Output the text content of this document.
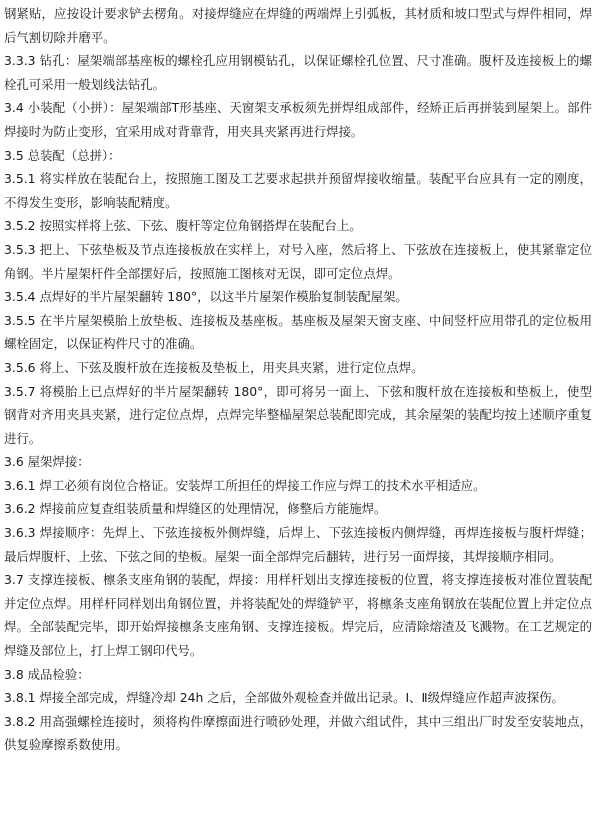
钢紧贴，应按设计要求铲去楞角。对接焊缝应在焊缝的两端焊上引弧板，其材质和坡口型式与焊件相同，焊后气割切除并磨平。

3.3.3 钻孔：屋架端部基座板的螺栓孔应用钢模钻孔，以保证螺栓孔位置、尺寸准确。腹杆及连接板上的螺栓孔可采用一般划线法钻孔。

3.4 小装配（小拼）：屋架端部T形基座、天窗架支承板须先拼焊组成部件，经矫正后再拼装到屋架上。部件焊接时为防止变形，宜采用成对背靠背，用夹具夹紧再进行焊接。

3.5 总装配（总拼）：

3.5.1 将实样放在装配台上，按照施工图及工艺要求起拱并预留焊接收缩量。装配平台应具有一定的刚度，不得发生变形，影响装配精度。

3.5.2 按照实样将上弦、下弦、腹杆等定位角钢搭焊在装配台上。

3.5.3 把上、下弦垫板及节点连接板放在实样上，对号入座，然后将上、下弦放在连接板上，使其紧靠定位角钢。半片屋架杆件全部摆好后，按照施工图核对无误，即可定位点焊。

3.5.4 点焊好的半片屋架翻转 180°，以这半片屋架作模胎复制装配屋架。

3.5.5 在半片屋架模胎上放垫板、连接板及基座板。基座板及屋架天窗支座、中间竖杆应用带孔的定位板用螺栓固定，以保证构件尺寸的准确。

3.5.6 将上、下弦及腹杆放在连接板及垫板上，用夹具夹紧，进行定位点焊。

3.5.7 将模胎上已点焊好的半片屋架翻转 180°，即可将另一面上、下弦和腹杆放在连接板和垫板上，使型钢背对齐用夹具夹紧，进行定位点焊，点焊完毕整榀屋架总装配即完成，其余屋架的装配均按上述顺序重复进行。

3.6 屋架焊接：

3.6.1 焊工必须有岗位合格证。安装焊工所担任的焊接工作应与焊工的技术水平相适应。

3.6.2 焊接前应复查组装质量和焊缝区的处理情况，修整后方能施焊。

3.6.3 焊接顺序：先焊上、下弦连接板外侧焊缝，后焊上、下弦连接板内侧焊缝，再焊连接板与腹杆焊缝；最后焊腹杆、上弦、下弦之间的垫板。屋架一面全部焊完后翻转，进行另一面焊接，其焊接顺序相同。

3.7 支撑连接板、檩条支座角钢的装配，焊接：用样杆划出支撑连接板的位置，将支撑连接板对准位置装配并定位点焊。用样杆同样划出角钢位置，并将装配处的焊缝铲平，将檩条支座角钢放在装配位置上并定位点焊。全部装配完毕，即开始焊接檩条支座角钢、支撑连接板。焊完后，应清除熔渣及飞溅物。在工艺规定的焊缝及部位上，打上焊工钢印代号。

3.8 成品检验：

3.8.1 焊接全部完成，焊缝冷却 24h 之后，全部做外观检查并做出记录。Ⅰ、Ⅱ级焊缝应作超声波探伤。

3.8.2 用高强螺栓连接时，须将构件摩擦面进行喷砂处理，并做六组试件，其中三组出厂时发至安装地点，供复验摩擦系数使用。
